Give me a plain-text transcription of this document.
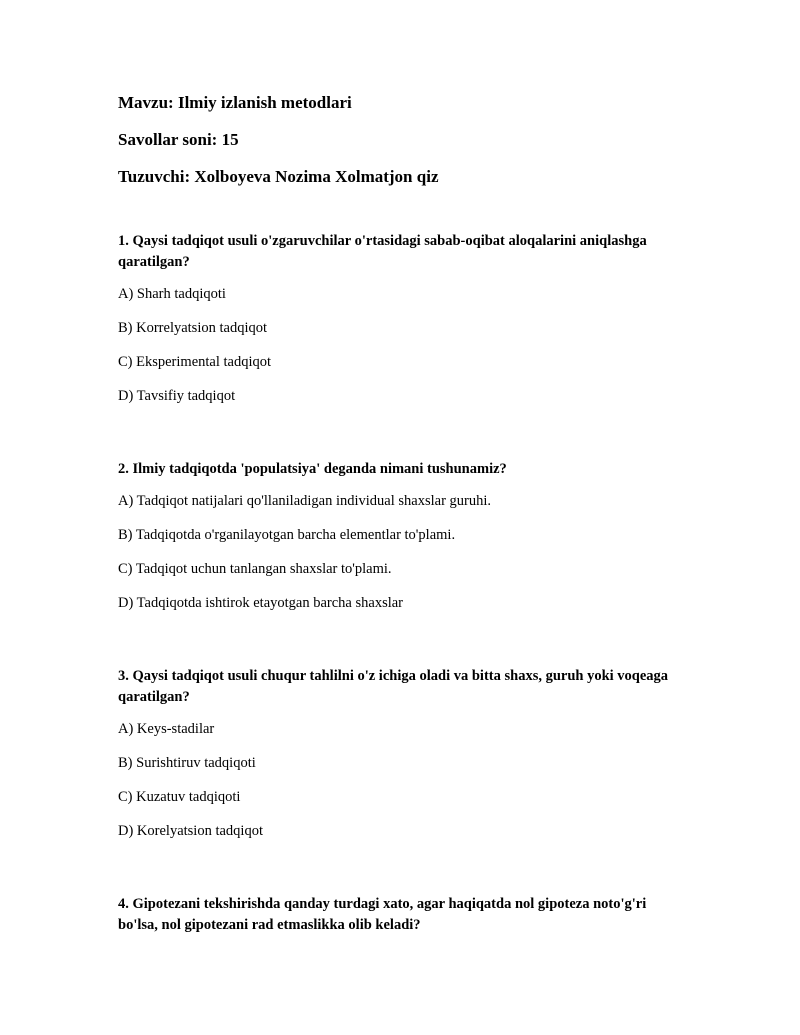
Mavzu: Ilmiy izlanish metodlari
Savollar soni: 15
Tuzuvchi: Xolboyeva Nozima Xolmatjon qiz
1. Qaysi tadqiqot usuli o'zgaruvchilar o'rtasidagi sabab-oqibat aloqalarini aniqlashga qaratilgan?
A) Sharh tadqiqoti
B) Korrelyatsion tadqiqot
C) Eksperimental tadqiqot
D) Tavsifiy tadqiqot
2. Ilmiy tadqiqotda 'populatsiya' deganda nimani tushunamiz?
A) Tadqiqot natijalari qo'llaniladigan individual shaxslar guruhi.
B) Tadqiqotda o'rganilayotgan barcha elementlar to'plami.
C) Tadqiqot uchun tanlangan shaxslar to'plami.
D) Tadqiqotda ishtirok etayotgan barcha shaxslar
3. Qaysi tadqiqot usuli chuqur tahlilni o'z ichiga oladi va bitta shaxs, guruh yoki voqeaga qaratilgan?
A) Keys-stadilar
B) Surishtiruv tadqiqoti
C) Kuzatuv tadqiqoti
D) Korelyatsion tadqiqot
4. Gipotezani tekshirishda qanday turdagi xato, agar haqiqatda nol gipoteza noto'g'ri bo'lsa, nol gipotezani rad etmaslikka olib keladi?
